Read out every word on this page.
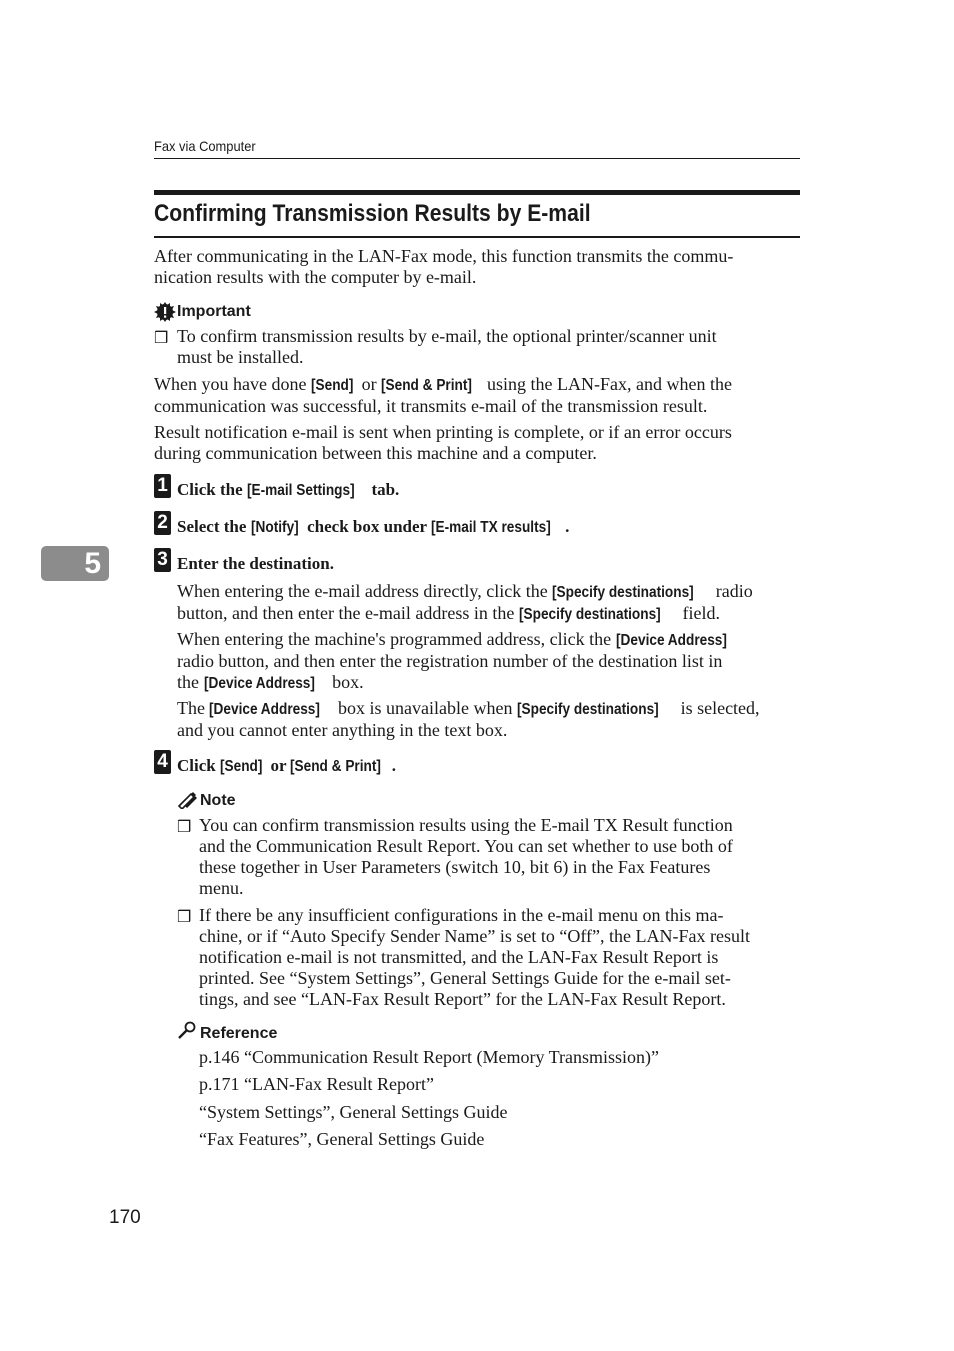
Fax via Computer
Confirming Transmission Results by E-mail
After communicating in the LAN-Fax mode, this function transmits the commu-
nication results with the computer by e-mail.
Important
❒ To confirm transmission results by e-mail, the optional printer/scanner unit
must be installed.
When you have done [Send] or [Send & Print] using the LAN-Fax, and when the
communication was successful, it transmits e-mail of the transmission result.
Result notification e-mail is sent when printing is complete, or if an error occurs
during communication between this machine and a computer.
1 Click the [E-mail Settings] tab.
2 Select the [Notify] check box under [E-mail TX results] .
5	3 Enter the destination.
When entering the e-mail address directly, click the [Specify destinations] radio
button, and then enter the e-mail address in the [Specify destinations] field.
When entering the machine's programmed address, click the [Device Address]
radio button, and then enter the registration number of the destination list in
the [Device Address] box.
The [Device Address] box is unavailable when [Specify destinations] is selected,
and you cannot enter anything in the text box.
4 Click [Send] or [Send & Print] .
Note
❒ You can confirm transmission results using the E-mail TX Result function
and the Communication Result Report. You can set whether to use both of
these together in User Parameters (switch 10, bit 6) in the Fax Features
menu.
❒ If there be any insufficient configurations in the e-mail menu on this ma-
chine, or if “Auto Specify Sender Name” is set to “Off”, the LAN-Fax result
notification e-mail is not transmitted, and the LAN-Fax Result Report is
printed. See “System Settings”, General Settings Guide for the e-mail set-
tings, and see “LAN-Fax Result Report” for the LAN-Fax Result Report.
Reference
p.146 “Communication Result Report (Memory Transmission)”
p.171 “LAN-Fax Result Report”
“System Settings”, General Settings Guide
“Fax Features”, General Settings Guide
170
